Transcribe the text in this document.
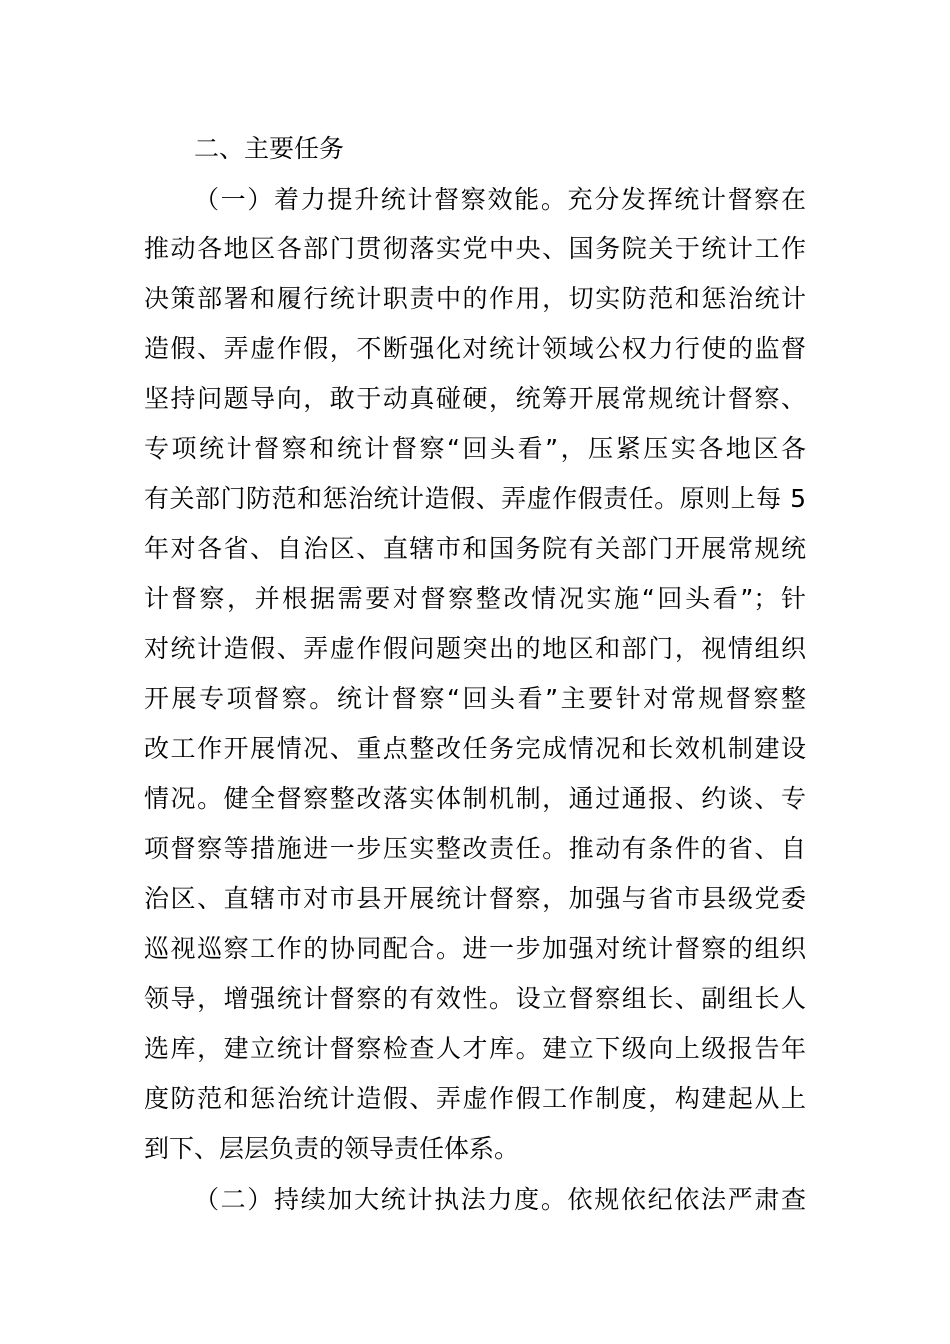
二、主要任务
（一）着力提升统计督察效能。充分发挥统计督察在
推动各地区各部门贯彻落实党中央、国务院关于统计工作
决策部署和履行统计职责中的作用，切实防范和惩治统计
造假、弄虚作假，不断强化对统计领域公权力行使的监督
坚持问题导向，敢于动真碰硬，统筹开展常规统计督察、
专项统计督察和统计督察“回头看”，压紧压实各地区各
有关部门防范和惩治统计造假、弄虚作假责任。原则上每 5
年对各省、自治区、直辖市和国务院有关部门开展常规统
计督察，并根据需要对督察整改情况实施“回头看”；针
对统计造假、弄虚作假问题突出的地区和部门，视情组织
开展专项督察。统计督察“回头看”主要针对常规督察整
改工作开展情况、重点整改任务完成情况和长效机制建设
情况。健全督察整改落实体制机制，通过通报、约谈、专
项督察等措施进一步压实整改责任。推动有条件的省、自
治区、直辖市对市县开展统计督察，加强与省市县级党委
巡视巡察工作的协同配合。进一步加强对统计督察的组织
领导，增强统计督察的有效性。设立督察组长、副组长人
选库，建立统计督察检查人才库。建立下级向上级报告年
度防范和惩治统计造假、弄虚作假工作制度，构建起从上
到下、层层负责的领导责任体系。
（二）持续加大统计执法力度。依规依纪依法严肃查
